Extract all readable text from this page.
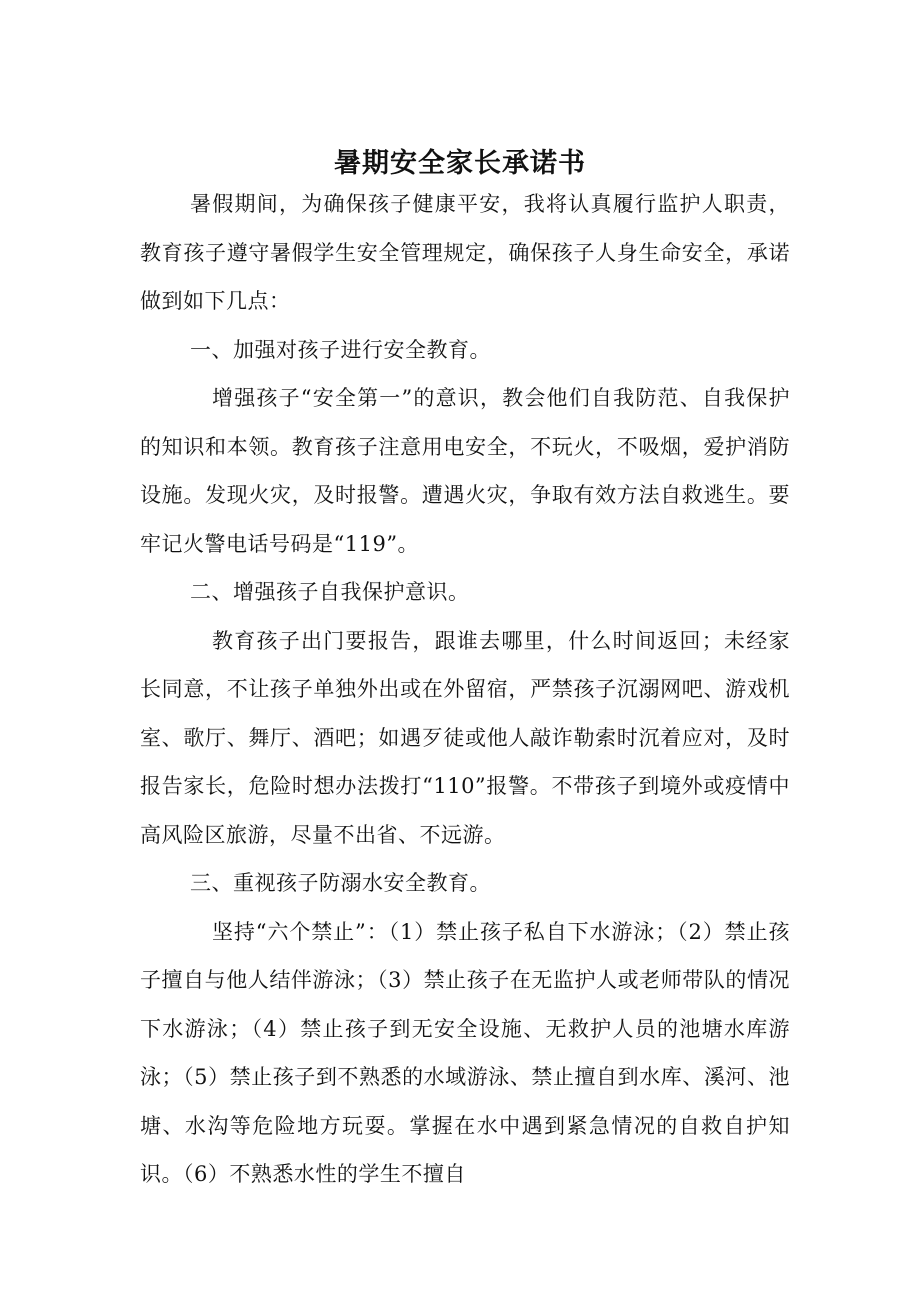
暑期安全家长承诺书

暑假期间，为确保孩子健康平安，我将认真履行监护人职责，教育孩子遵守暑假学生安全管理规定，确保孩子人身生命安全，承诺做到如下几点：

一、加强对孩子进行安全教育。

增强孩子“安全第一”的意识，教会他们自我防范、自我保护的知识和本领。教育孩子注意用电安全，不玩火，不吸烟，爱护消防设施。发现火灾，及时报警。遭遇火灾，争取有效方法自救逃生。要牢记火警电话号码是“119”。

二、增强孩子自我保护意识。

教育孩子出门要报告，跟谁去哪里，什么时间返回；未经家长同意，不让孩子单独外出或在外留宿，严禁孩子沉溺网吧、游戏机室、歌厅、舞厅、酒吧；如遇歹徒或他人敲诈勒索时沉着应对，及时报告家长，危险时想办法拨打“110”报警。不带孩子到境外或疫情中高风险区旅游，尽量不出省、不远游。

三、重视孩子防溺水安全教育。

坚持“六个禁止”：（1）禁止孩子私自下水游泳；（2）禁止孩子擅自与他人结伴游泳；（3）禁止孩子在无监护人或老师带队的情况下水游泳；（4）禁止孩子到无安全设施、无救护人员的池塘水库游泳；（5）禁止孩子到不熟悉的水域游泳、禁止擅自到水库、溪河、池塘、水沟等危险地方玩耍。掌握在水中遇到紧急情况的自救自护知识。（6）不熟悉水性的学生不擅自
